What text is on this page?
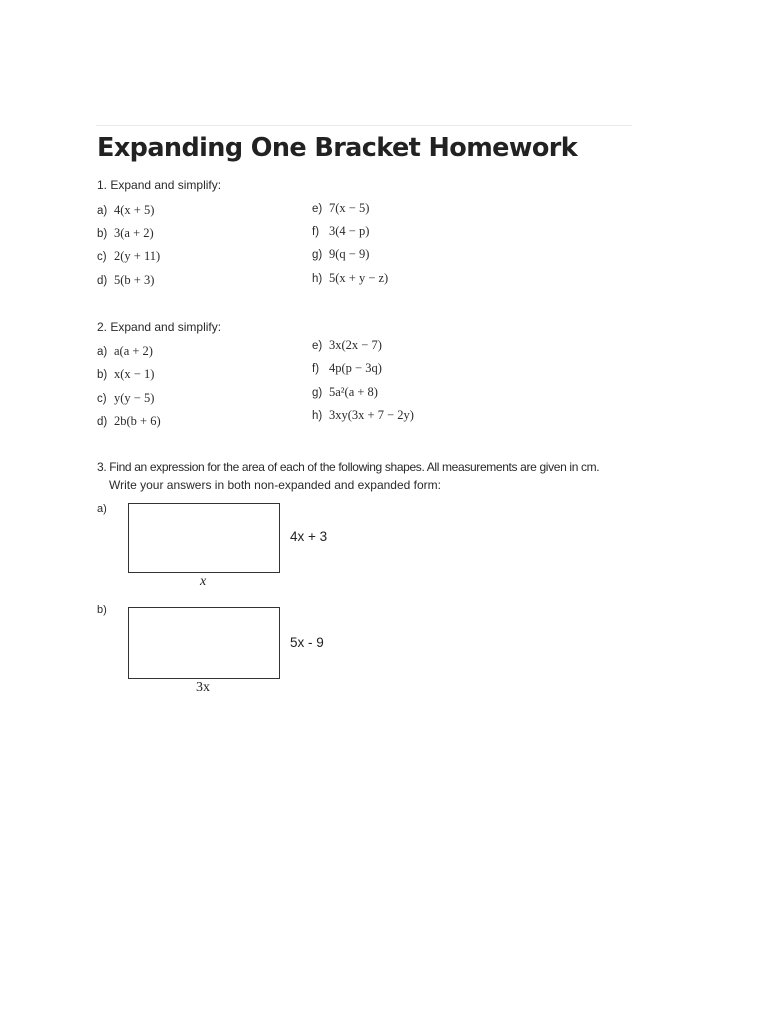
Expanding One Bracket Homework
1. Expand and simplify:
a) 4(x + 5)
b) 3(a + 2)
c) 2(y + 11)
d) 5(b + 3)
e) 7(x − 5)
f) 3(4 − p)
g) 9(q − 9)
h) 5(x + y − z)
2. Expand and simplify:
a) a(a + 2)
b) x(x − 1)
c) y(y − 5)
d) 2b(b + 6)
e) 3x(2x − 7)
f) 4p(p − 3q)
g) 5a²(a + 8)
h) 3xy(3x + 7 − 2y)
3. Find an expression for the area of each of the following shapes. All measurements are given in cm.
Write your answers in both non-expanded and expanded form:
a)
4x + 3
x
b)
5x - 9
3x
